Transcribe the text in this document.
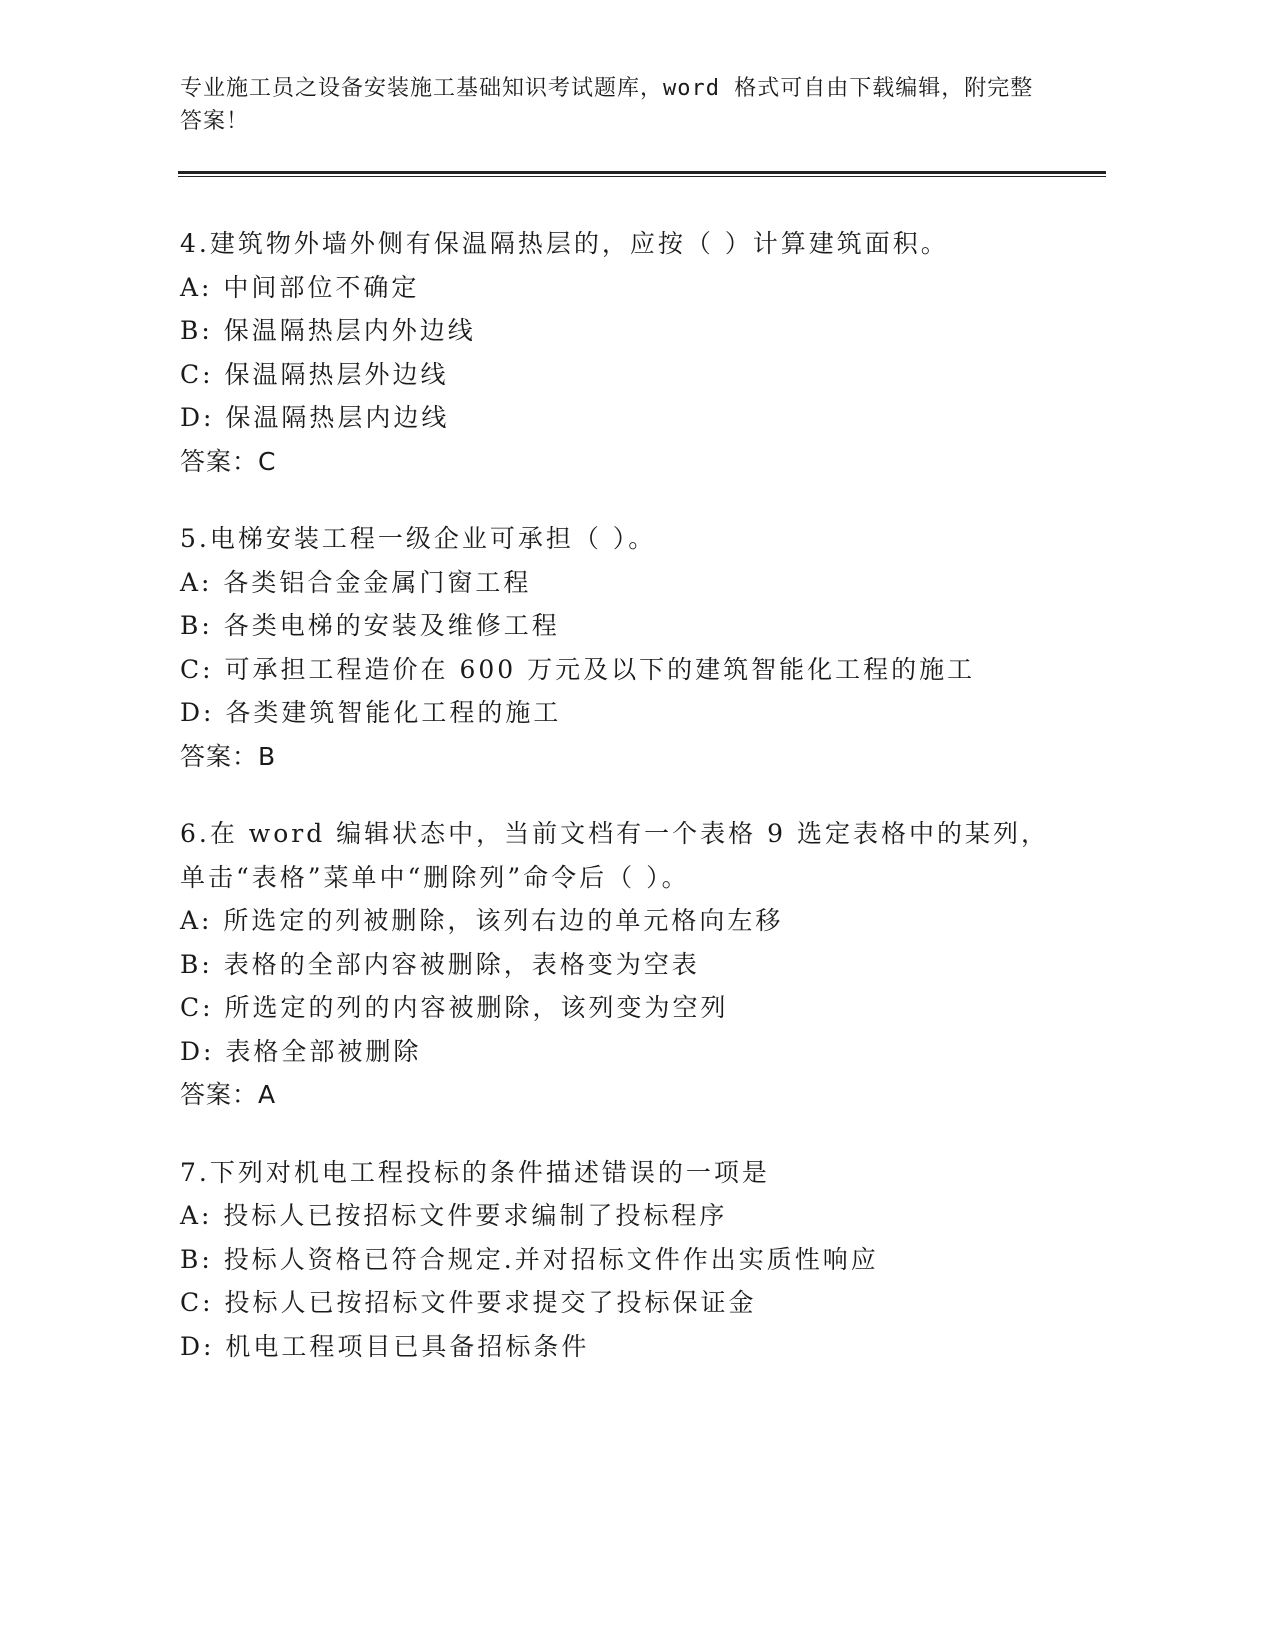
专业施工员之设备安装施工基础知识考试题库，word 格式可自由下载编辑，附完整答案！
4.建筑物外墙外侧有保温隔热层的，应按（ ）计算建筑面积。
A: 中间部位不确定
B: 保温隔热层内外边线
C: 保温隔热层外边线
D: 保温隔热层内边线
答案：C
5.电梯安装工程一级企业可承担（ ）。
A: 各类铝合金金属门窗工程
B: 各类电梯的安装及维修工程
C: 可承担工程造价在 600 万元及以下的建筑智能化工程的施工
D: 各类建筑智能化工程的施工
答案：B
6.在 word 编辑状态中，当前文档有一个表格 9 选定表格中的某列，单击“表格”菜单中“删除列”命令后（ ）。
A: 所选定的列被删除，该列右边的单元格向左移
B: 表格的全部内容被删除，表格变为空表
C: 所选定的列的内容被删除，该列变为空列
D: 表格全部被删除
答案：A
7.下列对机电工程投标的条件描述错误的一项是
A: 投标人已按招标文件要求编制了投标程序
B: 投标人资格已符合规定.并对招标文件作出实质性响应
C: 投标人已按招标文件要求提交了投标保证金
D: 机电工程项目已具备招标条件
